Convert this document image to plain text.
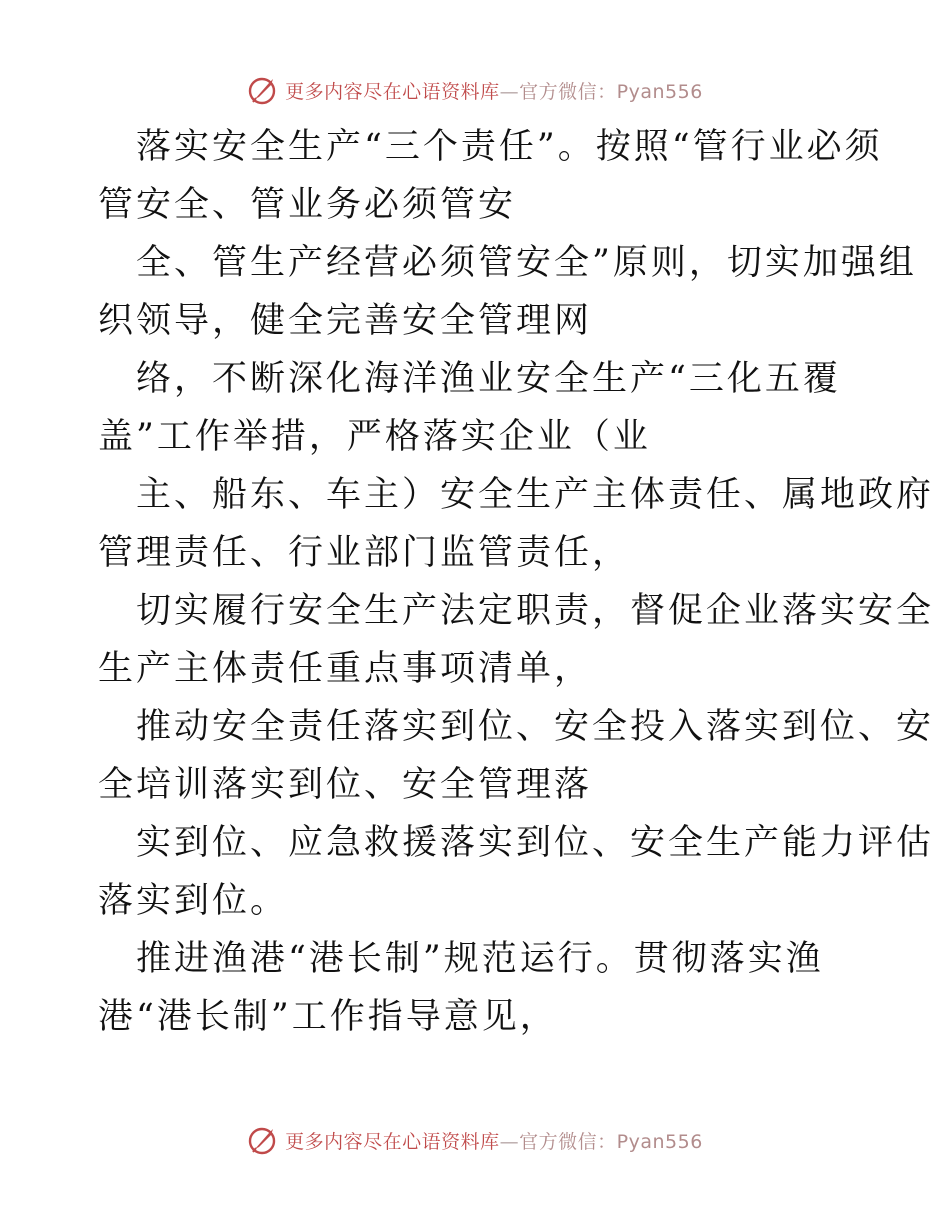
更多内容尽在心语资料库—官方微信：Pyan556

落实安全生产“三个责任”。按照“管行业必须
管安全、管业务必须管安

全、管生产经营必须管安全”原则，切实加强组
织领导，健全完善安全管理网

络，不断深化海洋渔业安全生产“三化五覆
盖”工作举措，严格落实企业（业

主、船东、车主）安全生产主体责任、属地政府
管理责任、行业部门监管责任，

切实履行安全生产法定职责，督促企业落实安全
生产主体责任重点事项清单，

推动安全责任落实到位、安全投入落实到位、安
全培训落实到位、安全管理落

实到位、应急救援落实到位、安全生产能力评估
落实到位。

推进渔港“港长制”规范运行。贯彻落实渔
港“港长制”工作指导意见，

更多内容尽在心语资料库—官方微信：Pyan556
